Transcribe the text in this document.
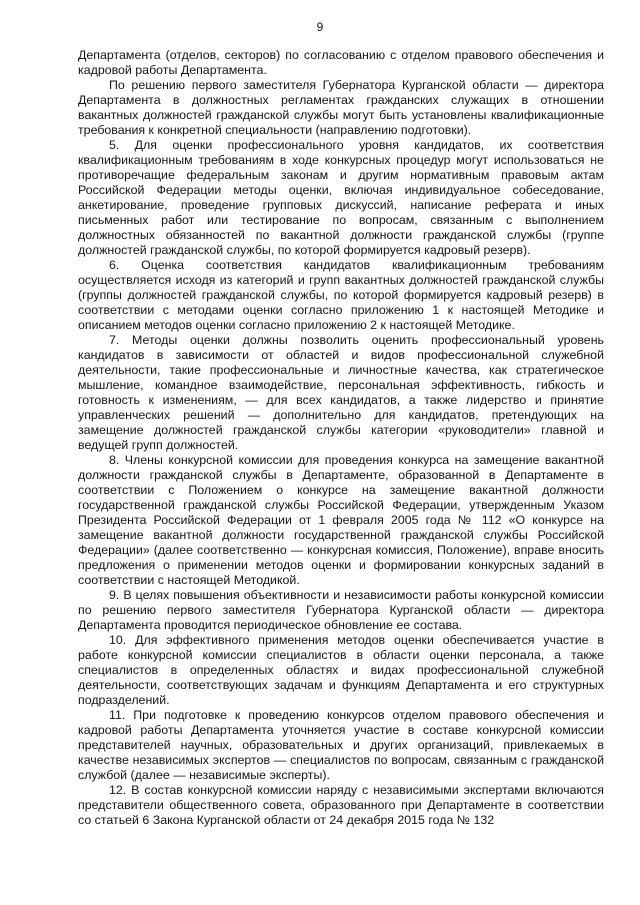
9

Департамента (отделов, секторов) по согласованию с отделом правового обеспечения и кадровой работы Департамента.

По решению первого заместителя Губернатора Курганской области — директора Департамента в должностных регламентах гражданских служащих в отношении вакантных должностей гражданской службы могут быть установлены квалификационные требования к конкретной специальности (направлению подготовки).

5. Для оценки профессионального уровня кандидатов, их соответствия квалификационным требованиям в ходе конкурсных процедур могут использоваться не противоречащие федеральным законам и другим нормативным правовым актам Российской Федерации методы оценки, включая индивидуальное собеседование, анкетирование, проведение групповых дискуссий, написание реферата и иных письменных работ или тестирование по вопросам, связанным с выполнением должностных обязанностей по вакантной должности гражданской службы (группе должностей гражданской службы, по которой формируется кадровый резерв).

6. Оценка соответствия кандидатов квалификационным требованиям осуществляется исходя из категорий и групп вакантных должностей гражданской службы (группы должностей гражданской службы, по которой формируется кадровый резерв) в соответствии с методами оценки согласно приложению 1 к настоящей Методике и описанием методов оценки согласно приложению 2 к настоящей Методике.

7. Методы оценки должны позволить оценить профессиональный уровень кандидатов в зависимости от областей и видов профессиональной служебной деятельности, такие профессиональные и личностные качества, как стратегическое мышление, командное взаимодействие, персональная эффективность, гибкость и готовность к изменениям, — для всех кандидатов, а также лидерство и принятие управленческих решений — дополнительно для кандидатов, претендующих на замещение должностей гражданской службы категории «руководители» главной и ведущей групп должностей.

8. Члены конкурсной комиссии для проведения конкурса на замещение вакантной должности гражданской службы в Департаменте, образованной в Департаменте в соответствии с Положением о конкурсе на замещение вакантной должности государственной гражданской службы Российской Федерации, утвержденным Указом Президента Российской Федерации от 1 февраля 2005 года № 112 «О конкурсе на замещение вакантной должности государственной гражданской службы Российской Федерации» (далее соответственно — конкурсная комиссия, Положение), вправе вносить предложения о применении методов оценки и формировании конкурсных заданий в соответствии с настоящей Методикой.

9. В целях повышения объективности и независимости работы конкурсной комиссии по решению первого заместителя Губернатора Курганской области — директора Департамента проводится периодическое обновление ее состава.

10. Для эффективного применения методов оценки обеспечивается участие в работе конкурсной комиссии специалистов в области оценки персонала, а также специалистов в определенных областях и видах профессиональной служебной деятельности, соответствующих задачам и функциям Департамента и его структурных подразделений.

11. При подготовке к проведению конкурсов отделом правового обеспечения и кадровой работы Департамента уточняется участие в составе конкурсной комиссии представителей научных, образовательных и других организаций, привлекаемых в качестве независимых экспертов — специалистов по вопросам, связанным с гражданской службой (далее — независимые эксперты).

12. В состав конкурсной комиссии наряду с независимыми экспертами включаются представители общественного совета, образованного при Департаменте в соответствии со статьей 6 Закона Курганской области от 24 декабря 2015 года № 132
